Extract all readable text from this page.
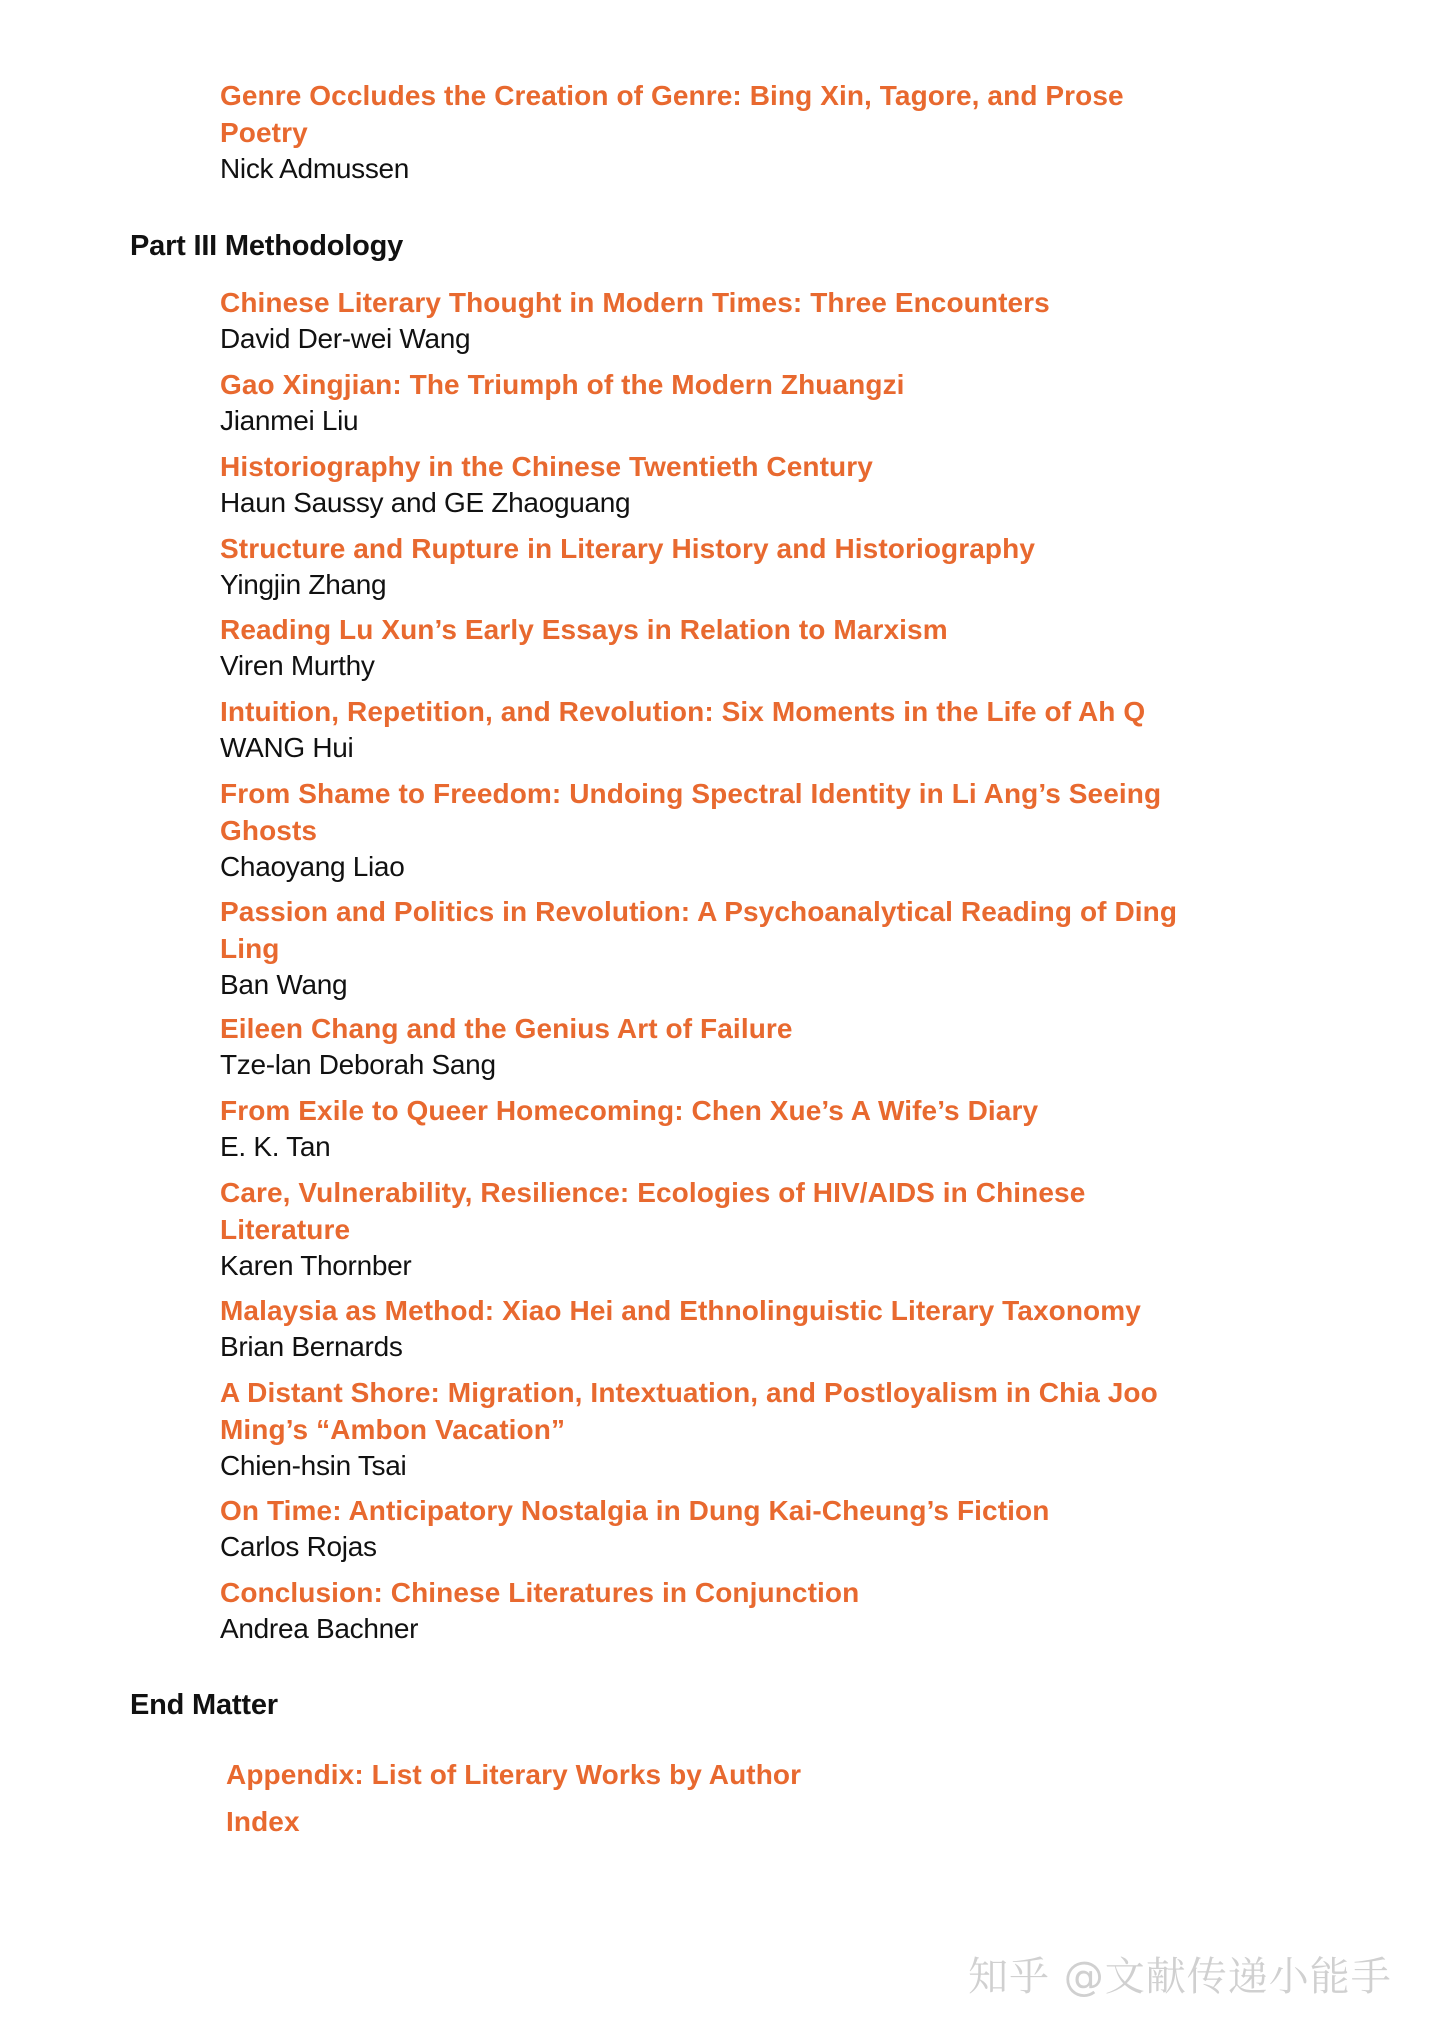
Genre Occludes the Creation of Genre: Bing Xin, Tagore, and Prose Poetry
Nick Admussen
Part III Methodology
Chinese Literary Thought in Modern Times: Three Encounters
David Der-wei Wang
Gao Xingjian: The Triumph of the Modern Zhuangzi
Jianmei Liu
Historiography in the Chinese Twentieth Century
Haun Saussy and GE Zhaoguang
Structure and Rupture in Literary History and Historiography
Yingjin Zhang
Reading Lu Xun’s Early Essays in Relation to Marxism
Viren Murthy
Intuition, Repetition, and Revolution: Six Moments in the Life of Ah Q
WANG Hui
From Shame to Freedom: Undoing Spectral Identity in Li Ang’s Seeing Ghosts
Chaoyang Liao
Passion and Politics in Revolution: A Psychoanalytical Reading of Ding Ling
Ban Wang
Eileen Chang and the Genius Art of Failure
Tze-lan Deborah Sang
From Exile to Queer Homecoming: Chen Xue’s A Wife’s Diary
E. K. Tan
Care, Vulnerability, Resilience: Ecologies of HIV/AIDS in Chinese Literature
Karen Thornber
Malaysia as Method: Xiao Hei and Ethnolinguistic Literary Taxonomy
Brian Bernards
A Distant Shore: Migration, Intextuation, and Postloyalism in Chia Joo Ming’s “Ambon Vacation”
Chien-hsin Tsai
On Time: Anticipatory Nostalgia in Dung Kai-Cheung’s Fiction
Carlos Rojas
Conclusion: Chinese Literatures in Conjunction
Andrea Bachner
End Matter
Appendix: List of Literary Works by Author
Index
知乎 @文献传递小能手
